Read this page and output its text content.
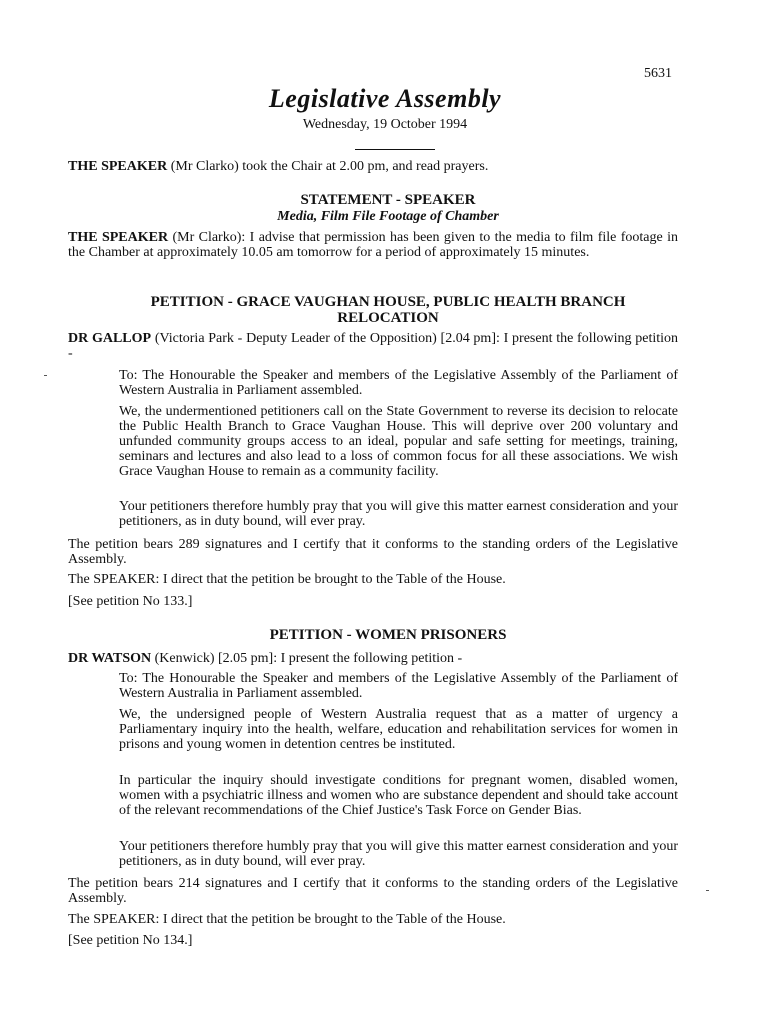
5631
Legislative Assembly
Wednesday, 19 October 1994
THE SPEAKER (Mr Clarko) took the Chair at 2.00 pm, and read prayers.
STATEMENT - SPEAKER
Media, Film File Footage of Chamber
THE SPEAKER (Mr Clarko): I advise that permission has been given to the media to film file footage in the Chamber at approximately 10.05 am tomorrow for a period of approximately 15 minutes.
PETITION - GRACE VAUGHAN HOUSE, PUBLIC HEALTH BRANCH
RELOCATION
DR GALLOP (Victoria Park - Deputy Leader of the Opposition) [2.04 pm]: I present the following petition -
To: The Honourable the Speaker and members of the Legislative Assembly of the Parliament of Western Australia in Parliament assembled.
We, the undermentioned petitioners call on the State Government to reverse its decision to relocate the Public Health Branch to Grace Vaughan House. This will deprive over 200 voluntary and unfunded community groups access to an ideal, popular and safe setting for meetings, training, seminars and lectures and also lead to a loss of common focus for all these associations. We wish Grace Vaughan House to remain as a community facility.
Your petitioners therefore humbly pray that you will give this matter earnest consideration and your petitioners, as in duty bound, will ever pray.
The petition bears 289 signatures and I certify that it conforms to the standing orders of the Legislative Assembly.
The SPEAKER: I direct that the petition be brought to the Table of the House.
[See petition No 133.]
PETITION - WOMEN PRISONERS
DR WATSON (Kenwick) [2.05 pm]: I present the following petition -
To: The Honourable the Speaker and members of the Legislative Assembly of the Parliament of Western Australia in Parliament assembled.
We, the undersigned people of Western Australia request that as a matter of urgency a Parliamentary inquiry into the health, welfare, education and rehabilitation services for women in prisons and young women in detention centres be instituted.
In particular the inquiry should investigate conditions for pregnant women, disabled women, women with a psychiatric illness and women who are substance dependent and should take account of the relevant recommendations of the Chief Justice's Task Force on Gender Bias.
Your petitioners therefore humbly pray that you will give this matter earnest consideration and your petitioners, as in duty bound, will ever pray.
The petition bears 214 signatures and I certify that it conforms to the standing orders of the Legislative Assembly.
The SPEAKER: I direct that the petition be brought to the Table of the House.
[See petition No 134.]
